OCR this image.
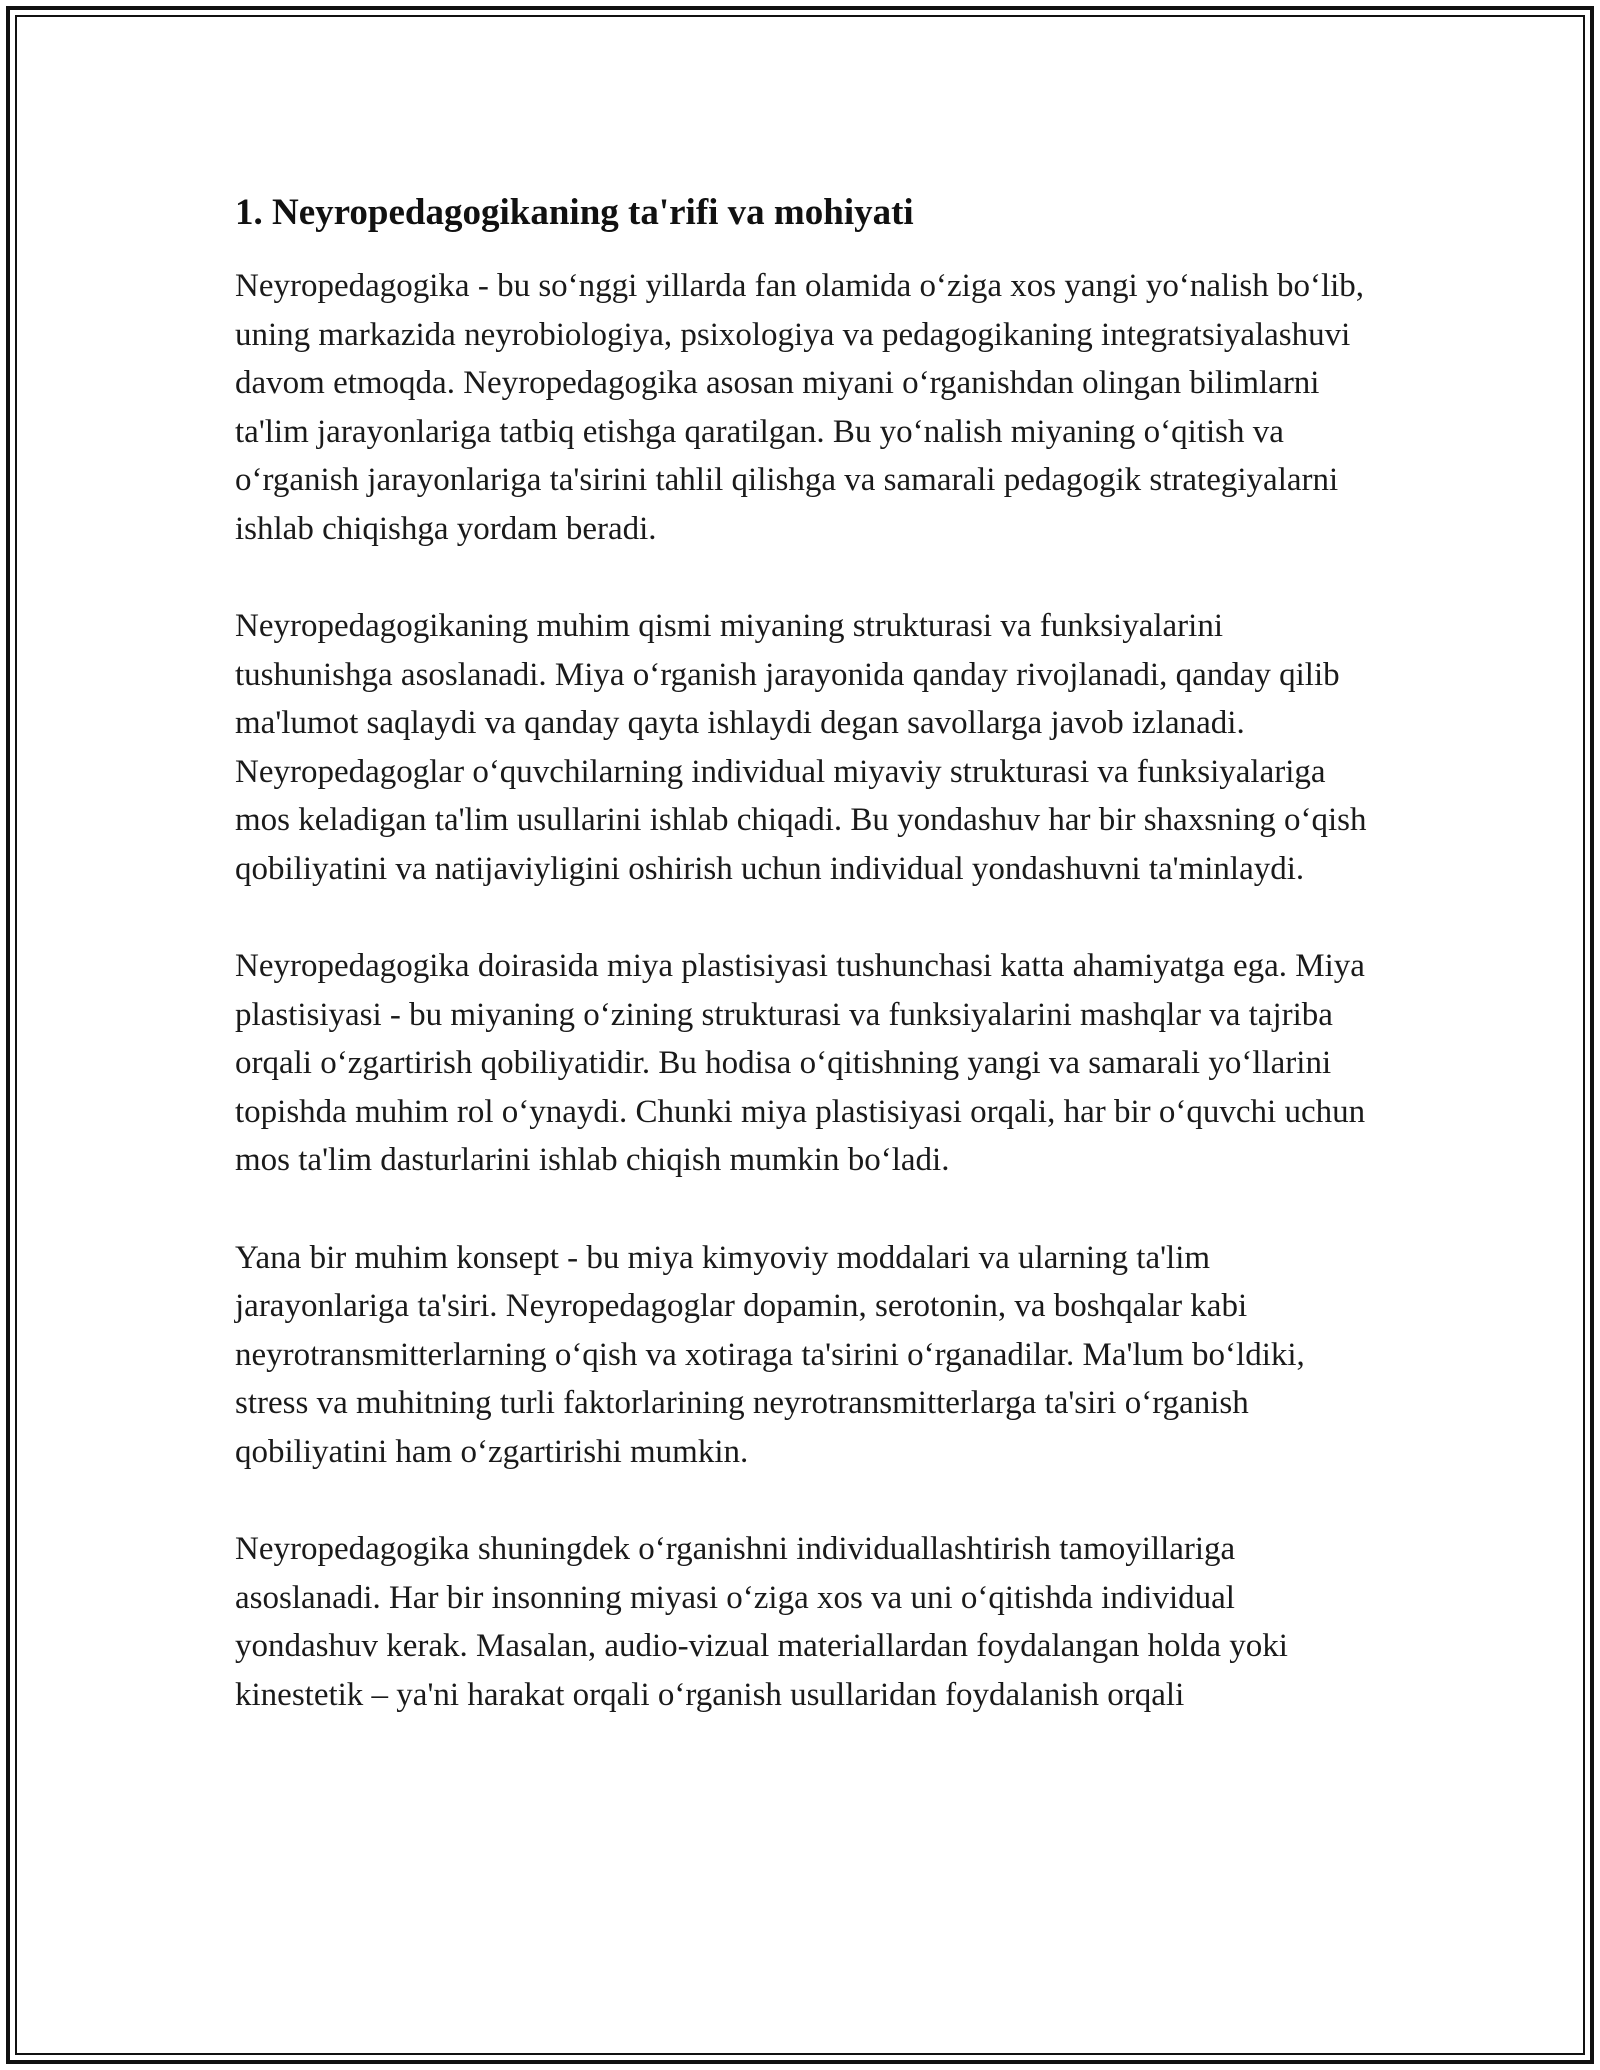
1. Neyropedagogikaning ta'rifi va mohiyati

Neyropedagogika - bu so‘nggi yillarda fan olamida o‘ziga xos yangi yo‘nalish bo‘lib, uning markazida neyrobiologiya, psixologiya va pedagogikaning integratsiyalashuvi davom etmoqda. Neyropedagogika asosan miyani o‘rganishdan olingan bilimlarni ta'lim jarayonlariga tatbiq etishga qaratilgan. Bu yo‘nalish miyaning o‘qitish va o‘rganish jarayonlariga ta'sirini tahlil qilishga va samarali pedagogik strategiyalarni ishlab chiqishga yordam beradi.

Neyropedagogikaning muhim qismi miyaning strukturasi va funksiyalarini tushunishga asoslanadi. Miya o‘rganish jarayonida qanday rivojlanadi, qanday qilib ma'lumot saqlaydi va qanday qayta ishlaydi degan savollarga javob izlanadi. Neyropedagoglar o‘quvchilarning individual miyaviy strukturasi va funksiyalariga mos keladigan ta'lim usullarini ishlab chiqadi. Bu yondashuv har bir shaxsning o‘qish qobiliyatini va natijaviyligini oshirish uchun individual yondashuvni ta'minlaydi.

Neyropedagogika doirasida miya plastisiyasi tushunchasi katta ahamiyatga ega. Miya plastisiyasi - bu miyaning o‘zining strukturasi va funksiyalarini mashqlar va tajriba orqali o‘zgartirish qobiliyatidir. Bu hodisa o‘qitishning yangi va samarali yo‘llarini topishda muhim rol o‘ynaydi. Chunki miya plastisiyasi orqali, har bir o‘quvchi uchun mos ta'lim dasturlarini ishlab chiqish mumkin bo‘ladi.

Yana bir muhim konsept - bu miya kimyoviy moddalari va ularning ta'lim jarayonlariga ta'siri. Neyropedagoglar dopamin, serotonin, va boshqalar kabi neyrotransmitterlarning o‘qish va xotiraga ta'sirini o‘rganadilar. Ma'lum bo‘ldiki, stress va muhitning turli faktorlarining neyrotransmitterlarga ta'siri o‘rganish qobiliyatini ham o‘zgartirishi mumkin.

Neyropedagogika shuningdek o‘rganishni individuallashtirish tamoyillariga asoslanadi. Har bir insonning miyasi o‘ziga xos va uni o‘qitishda individual yondashuv kerak. Masalan, audio-vizual materiallardan foydalangan holda yoki kinestetik – ya'ni harakat orqali o‘rganish usullaridan foydalanish orqali
